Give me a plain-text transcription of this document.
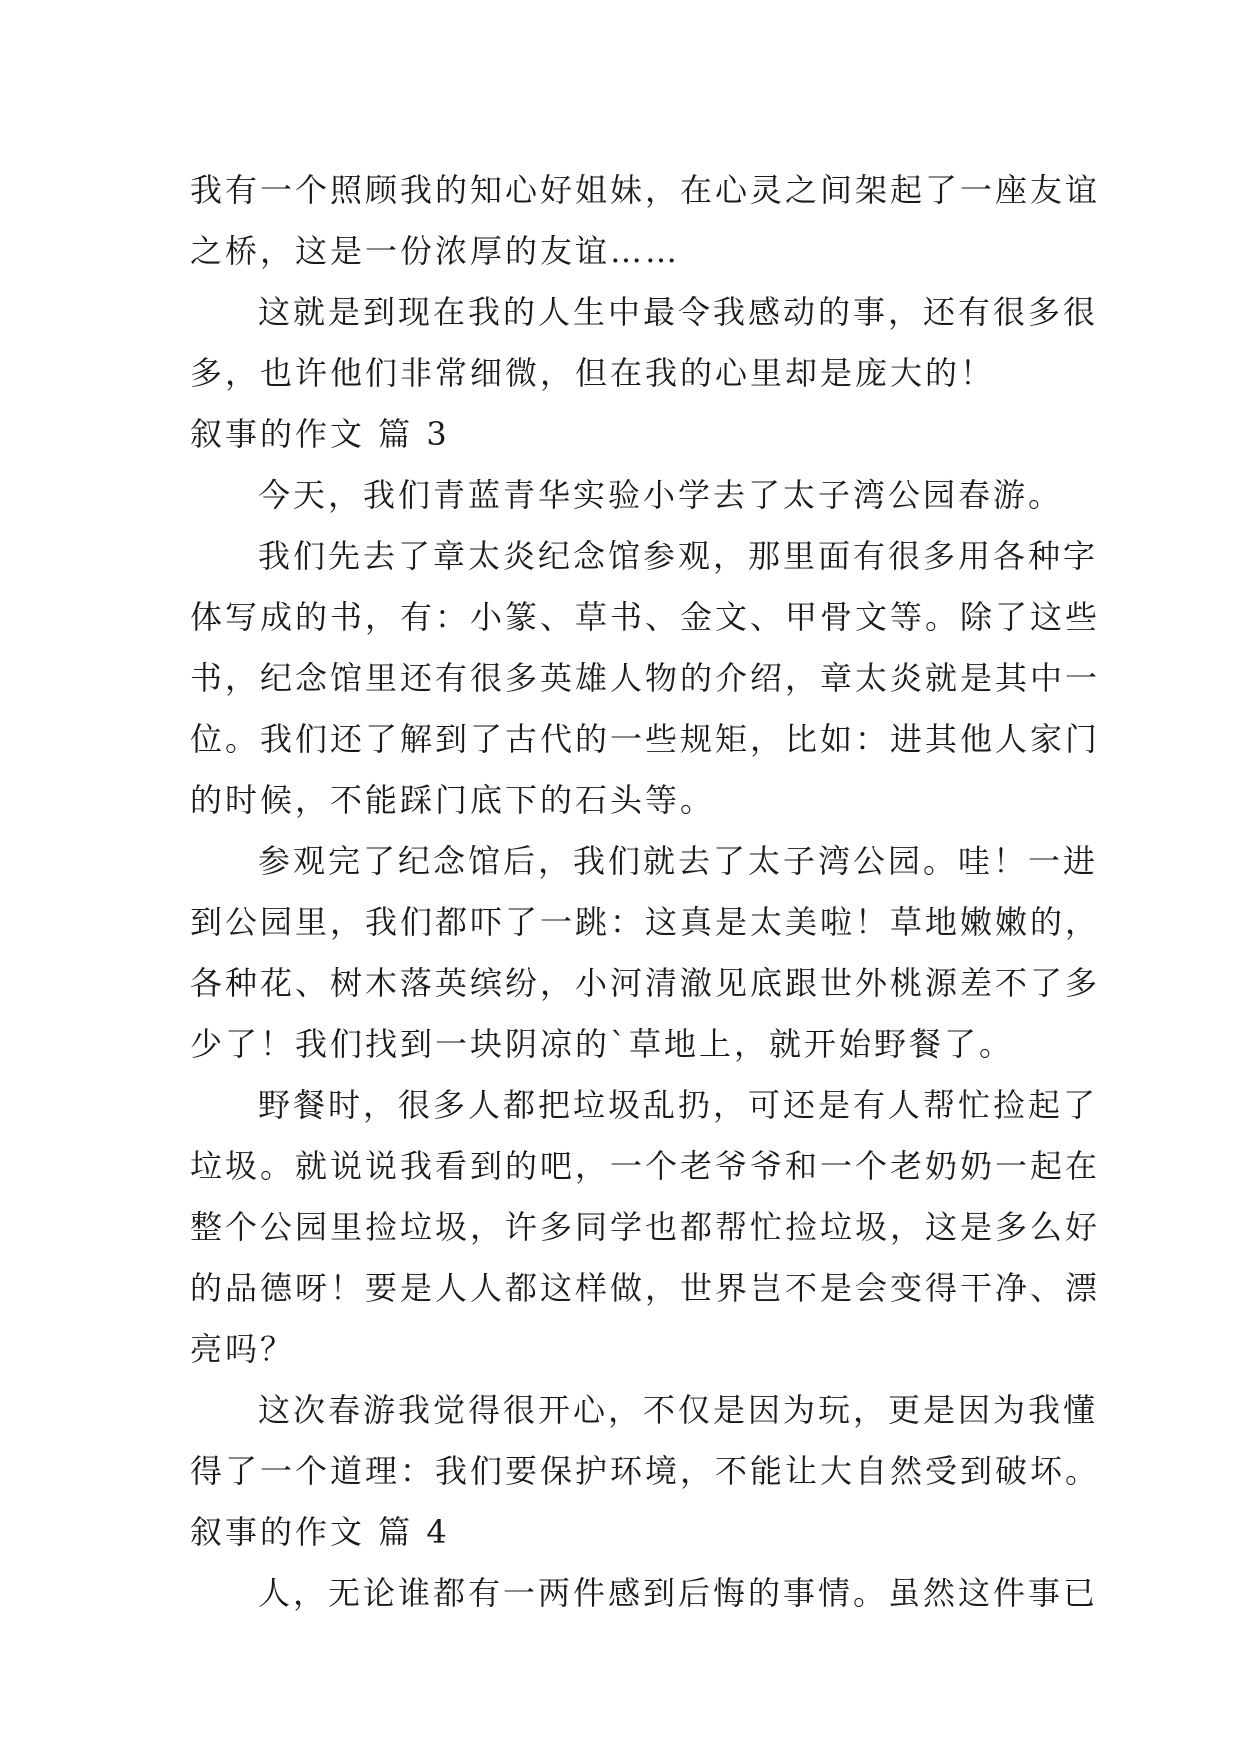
我有一个照顾我的知心好姐妹，在心灵之间架起了一座友谊
之桥，这是一份浓厚的友谊……
这就是到现在我的人生中最令我感动的事，还有很多很
多，也许他们非常细微，但在我的心里却是庞大的！
叙事的作文 篇 3
今天，我们青蓝青华实验小学去了太子湾公园春游。
我们先去了章太炎纪念馆参观，那里面有很多用各种字
体写成的书，有：小篆、草书、金文、甲骨文等。除了这些
书，纪念馆里还有很多英雄人物的介绍，章太炎就是其中一
位。我们还了解到了古代的一些规矩，比如：进其他人家门
的时候，不能踩门底下的石头等。
参观完了纪念馆后，我们就去了太子湾公园。哇！一进
到公园里，我们都吓了一跳：这真是太美啦！草地嫩嫩的，
各种花、树木落英缤纷，小河清澈见底跟世外桃源差不了多
少了！我们找到一块阴凉的`草地上，就开始野餐了。
野餐时，很多人都把垃圾乱扔，可还是有人帮忙捡起了
垃圾。就说说我看到的吧，一个老爷爷和一个老奶奶一起在
整个公园里捡垃圾，许多同学也都帮忙捡垃圾，这是多么好
的品德呀！要是人人都这样做，世界岂不是会变得干净、漂
亮吗？
这次春游我觉得很开心，不仅是因为玩，更是因为我懂
得了一个道理：我们要保护环境，不能让大自然受到破坏。
叙事的作文 篇 4
人，无论谁都有一两件感到后悔的事情。虽然这件事已
